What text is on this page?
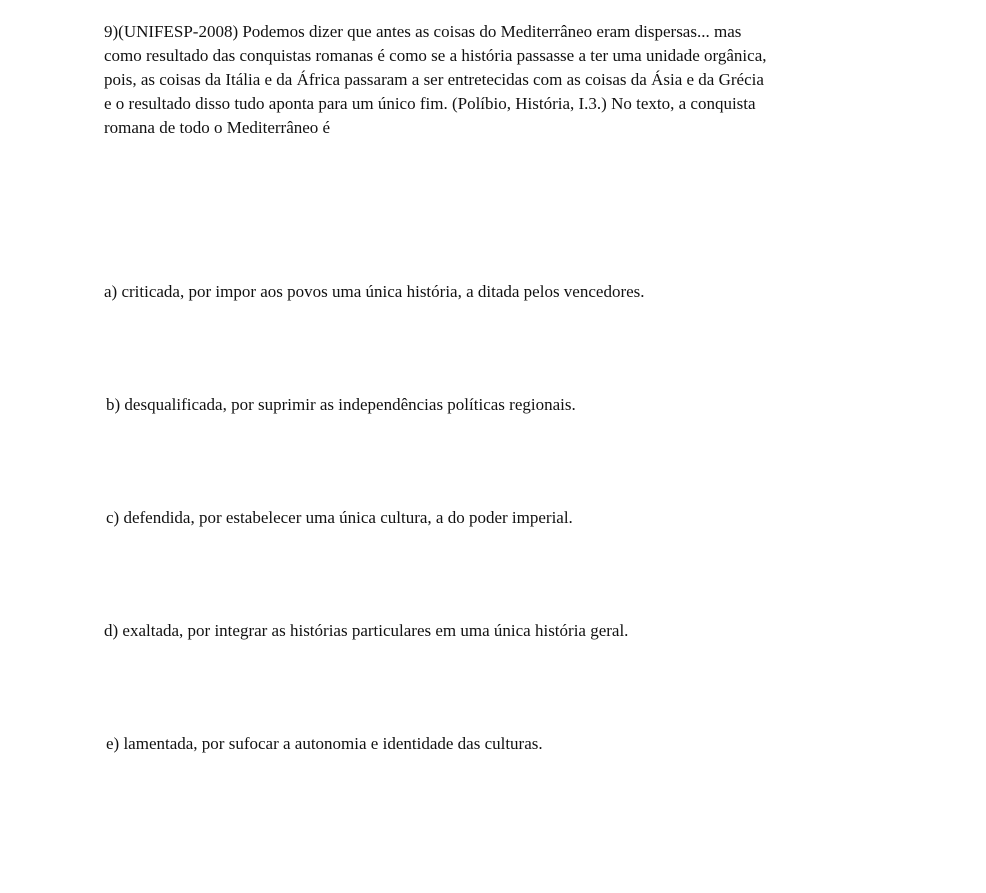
9)(UNIFESP-2008) Podemos dizer que antes as coisas do Mediterrâneo eram dispersas... mas
como resultado das conquistas romanas é como se a história passasse a ter uma unidade orgânica,
pois, as coisas da Itália e da África passaram a ser entretecidas com as coisas da Ásia e da Grécia
e o resultado disso tudo aponta para um único fim. (Políbio, História, I.3.) No texto, a conquista
romana de todo o Mediterrâneo é

a) criticada, por impor aos povos uma única história, a ditada pelos vencedores.

b) desqualificada, por suprimir as independências políticas regionais.

c) defendida, por estabelecer uma única cultura, a do poder imperial.

d) exaltada, por integrar as histórias particulares em uma única história geral.

e) lamentada, por sufocar a autonomia e identidade das culturas.
